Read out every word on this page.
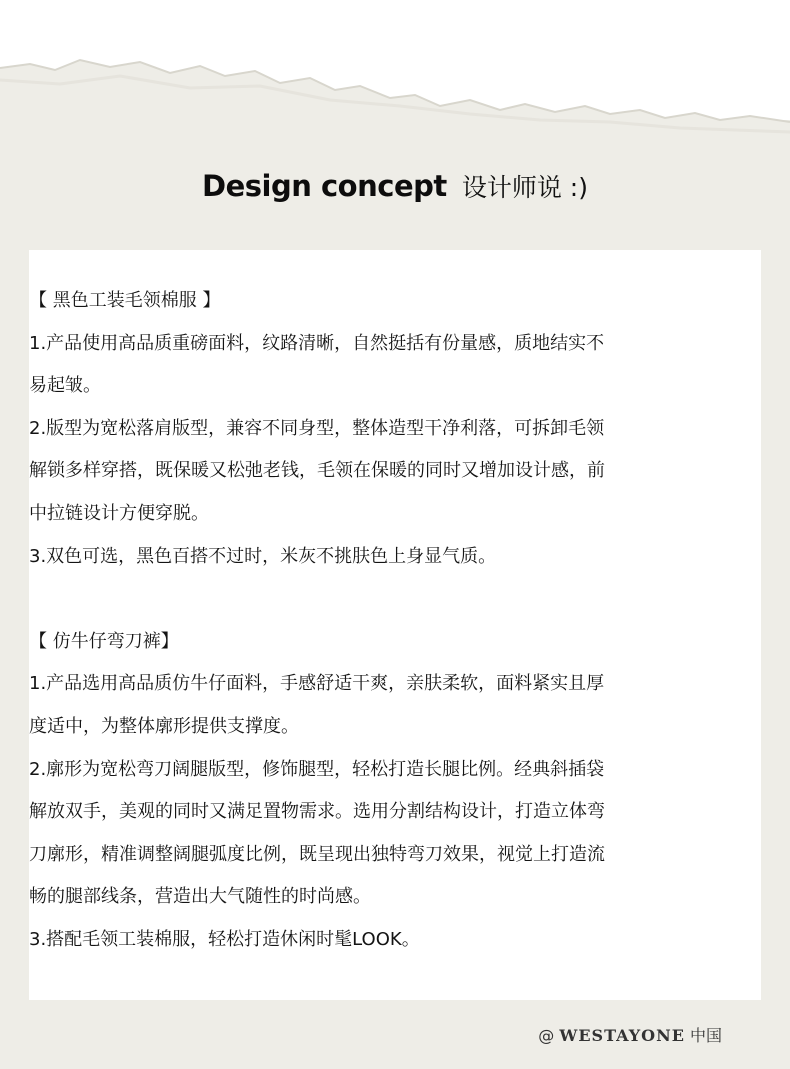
Design concept 设计师说 :)

【 黑色工装毛领棉服 】

1.产品使用高品质重磅面料，纹路清晰，自然挺括有份量感，质地结实不

易起皱。

2.版型为宽松落肩版型，兼容不同身型，整体造型干净利落，可拆卸毛领

解锁多样穿搭，既保暖又松弛老钱，毛领在保暖的同时又增加设计感，前

中拉链设计方便穿脱。

3.双色可选，黑色百搭不过时，米灰不挑肤色上身显气质。

【 仿牛仔弯刀裤】

1.产品选用高品质仿牛仔面料，手感舒适干爽，亲肤柔软，面料紧实且厚

度适中，为整体廓形提供支撑度。

2.廓形为宽松弯刀阔腿版型，修饰腿型，轻松打造长腿比例。经典斜插袋

解放双手，美观的同时又满足置物需求。选用分割结构设计，打造立体弯

刀廓形，精准调整阔腿弧度比例，既呈现出独特弯刀效果，视觉上打造流

畅的腿部线条，营造出大气随性的时尚感。

3.搭配毛领工装棉服，轻松打造休闲时髦LOOK。

@ WESTAYONE 中国
